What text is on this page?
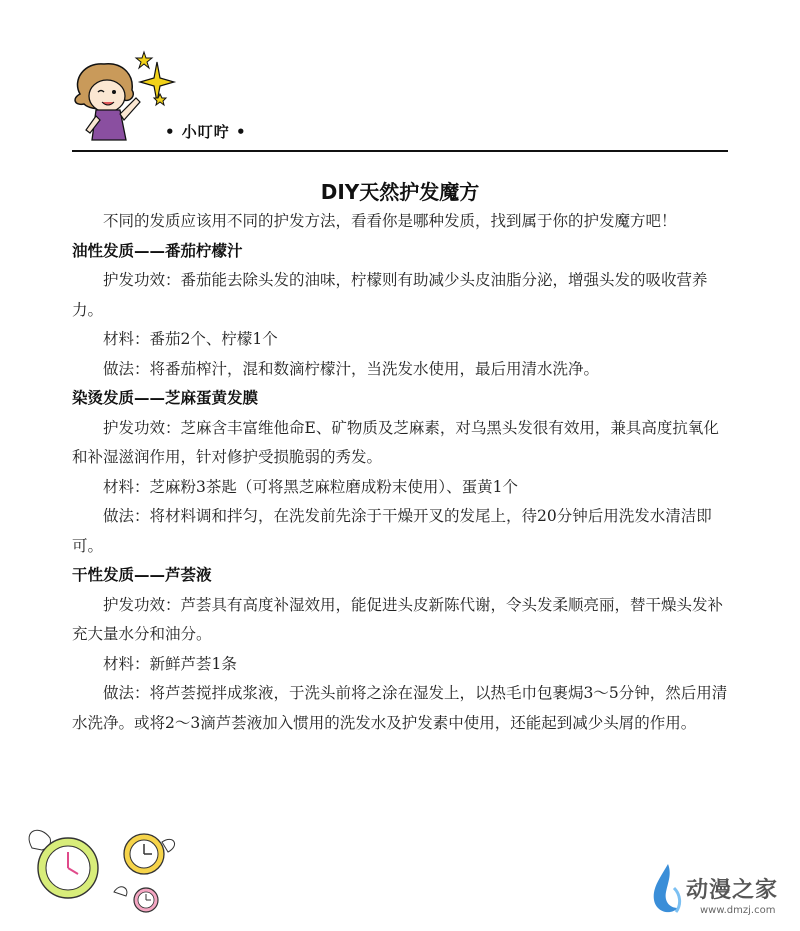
• 小叮咛 •
DIY天然护发魔方

不同的发质应该用不同的护发方法，看看你是哪种发质，找到属于你的护发魔方吧！

油性发质——番茄柠檬汁

护发功效：番茄能去除头发的油味，柠檬则有助减少头皮油脂分泌，增强头发的吸收营养力。

材料：番茄2个、柠檬1个

做法：将番茄榨汁，混和数滴柠檬汁，当洗发水使用，最后用清水洗净。

染烫发质——芝麻蛋黄发膜

护发功效：芝麻含丰富维他命E、矿物质及芝麻素，对乌黑头发很有效用，兼具高度抗氧化和补湿滋润作用，针对修护受损脆弱的秀发。

材料：芝麻粉3茶匙（可将黑芝麻粒磨成粉末使用）、蛋黄1个

做法：将材料调和拌匀，在洗发前先涂于干燥开叉的发尾上，待20分钟后用洗发水清洁即可。

干性发质——芦荟液

护发功效：芦荟具有高度补湿效用，能促进头皮新陈代谢，令头发柔顺亮丽，替干燥头发补充大量水分和油分。

材料：新鲜芦荟1条

做法：将芦荟搅拌成浆液，于洗头前将之涂在湿发上，以热毛巾包裹焗3～5分钟，然后用清水洗净。或将2～3滴芦荟液加入惯用的洗发水及护发素中使用，还能起到减少头屑的作用。

动漫之家
www.dmzj.com
